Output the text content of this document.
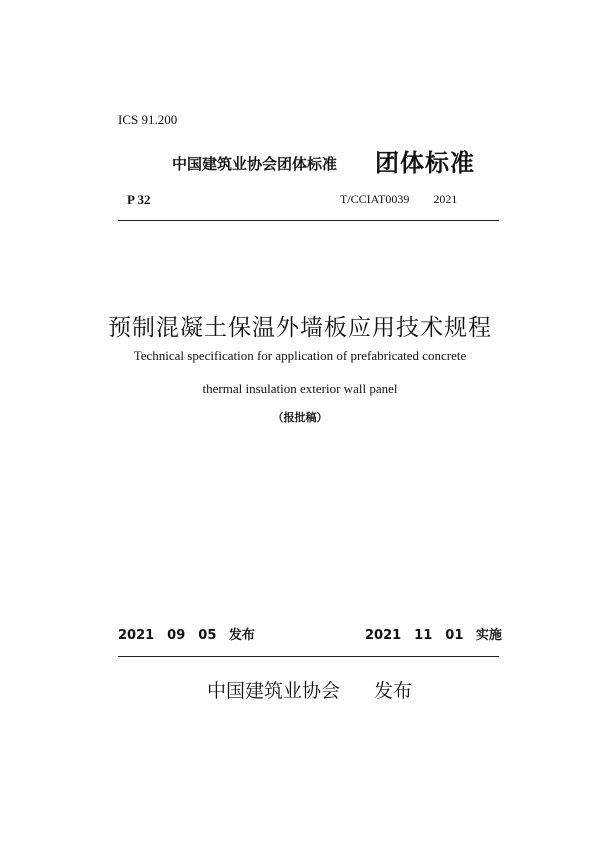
ICS 91.200
中国建筑业协会团体标准 团体标准
P 32	T/CCIAT0039 2021
预制混凝土保温外墙板应用技术规程
Technical specification for application of prefabricated concrete
thermal insulation exterior wall panel
（报批稿）
2021　09　05 发布	2021　11　01 实施
中国建筑业协会 发布
